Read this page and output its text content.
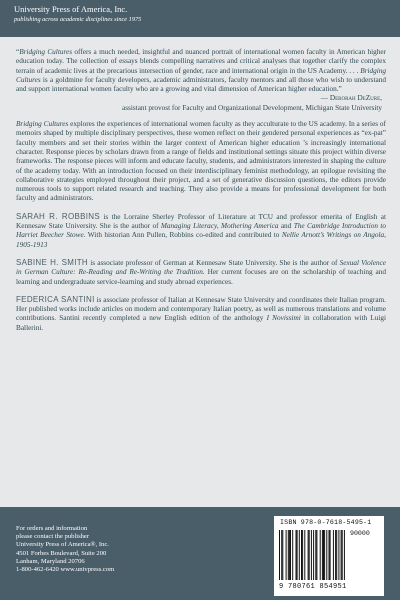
University Press of America, Inc.
publishing across academic disciplines since 1975
“Bridging Cultures offers a much needed, insightful and nuanced portrait of international women faculty in American higher education today. The collection of essays blends compelling narratives and critical analyses that together clarify the complex terrain of academic lives at the precarious intersection of gender, race and international origin in the US Academy. . . . Bridging Cultures is a goldmine for faculty developers, academic administrators, faculty mentors and all those who wish to understand and support international women faculty who are a growing and vital dimension of American higher education.”
— Deborah DeZure,
assistant provost for Faculty and Organizational Development, Michigan State University
Bridging Cultures explores the experiences of international women faculty as they acculturate to the US academy. In a series of memoirs shaped by multiple disciplinary perspectives, these women reflect on their gendered personal experiences as “ex-pat” faculty members and set their stories within the larger context of American higher education ’s increasingly international character. Response pieces by scholars drawn from a range of fields and institutional settings situate this project within diverse frameworks. The response pieces will inform and educate faculty, students, and administrators interested in shaping the culture of the academy today. With an introduction focused on their interdisciplinary feminist methodology, an epilogue revisiting the collaborative strategies employed throughout their project, and a set of generative discussion questions, the editors provide numerous tools to support related research and teaching. They also provide a means for professional development for both faculty and administrators.
SARAH R. ROBBINS is the Lorraine Sherley Professor of Literature at TCU and professor emerita of English at Kennesaw State University. She is the author of Managing Literacy, Mothering America and The Cambridge Introduction to Harriet Beecher Stowe. With historian Ann Pullen, Robbins co-edited and contributed to Nellie Arnott’s Writings on Angola, 1905-1913
SABINE H. SMITH is associate professor of German at Kennesaw State University. She is the author of Sexual Violence in German Culture: Re-Reading and Re-Writing the Tradition. Her current focuses are on the scholarship of teaching and learning and undergraduate service-learning and study abroad experiences.
FEDERICA SANTINI is associate professor of Italian at Kennesaw State University and coordinates their Italian program. Her published works include articles on modern and contemporary Italian poetry, as well as numerous translations and volume contributions. Santini recently completed a new English edition of the anthology I Novissimi in collaboration with Luigi Ballerini.
For orders and information
please contact the publisher
University Press of America®, Inc.
4501 Forbes Boulevard, Suite 200
Lanham, Maryland 20706
1-800-462-6420 www.univpress.com
ISBN 978-0-7618-5495-1
90000
9 780761 854951
